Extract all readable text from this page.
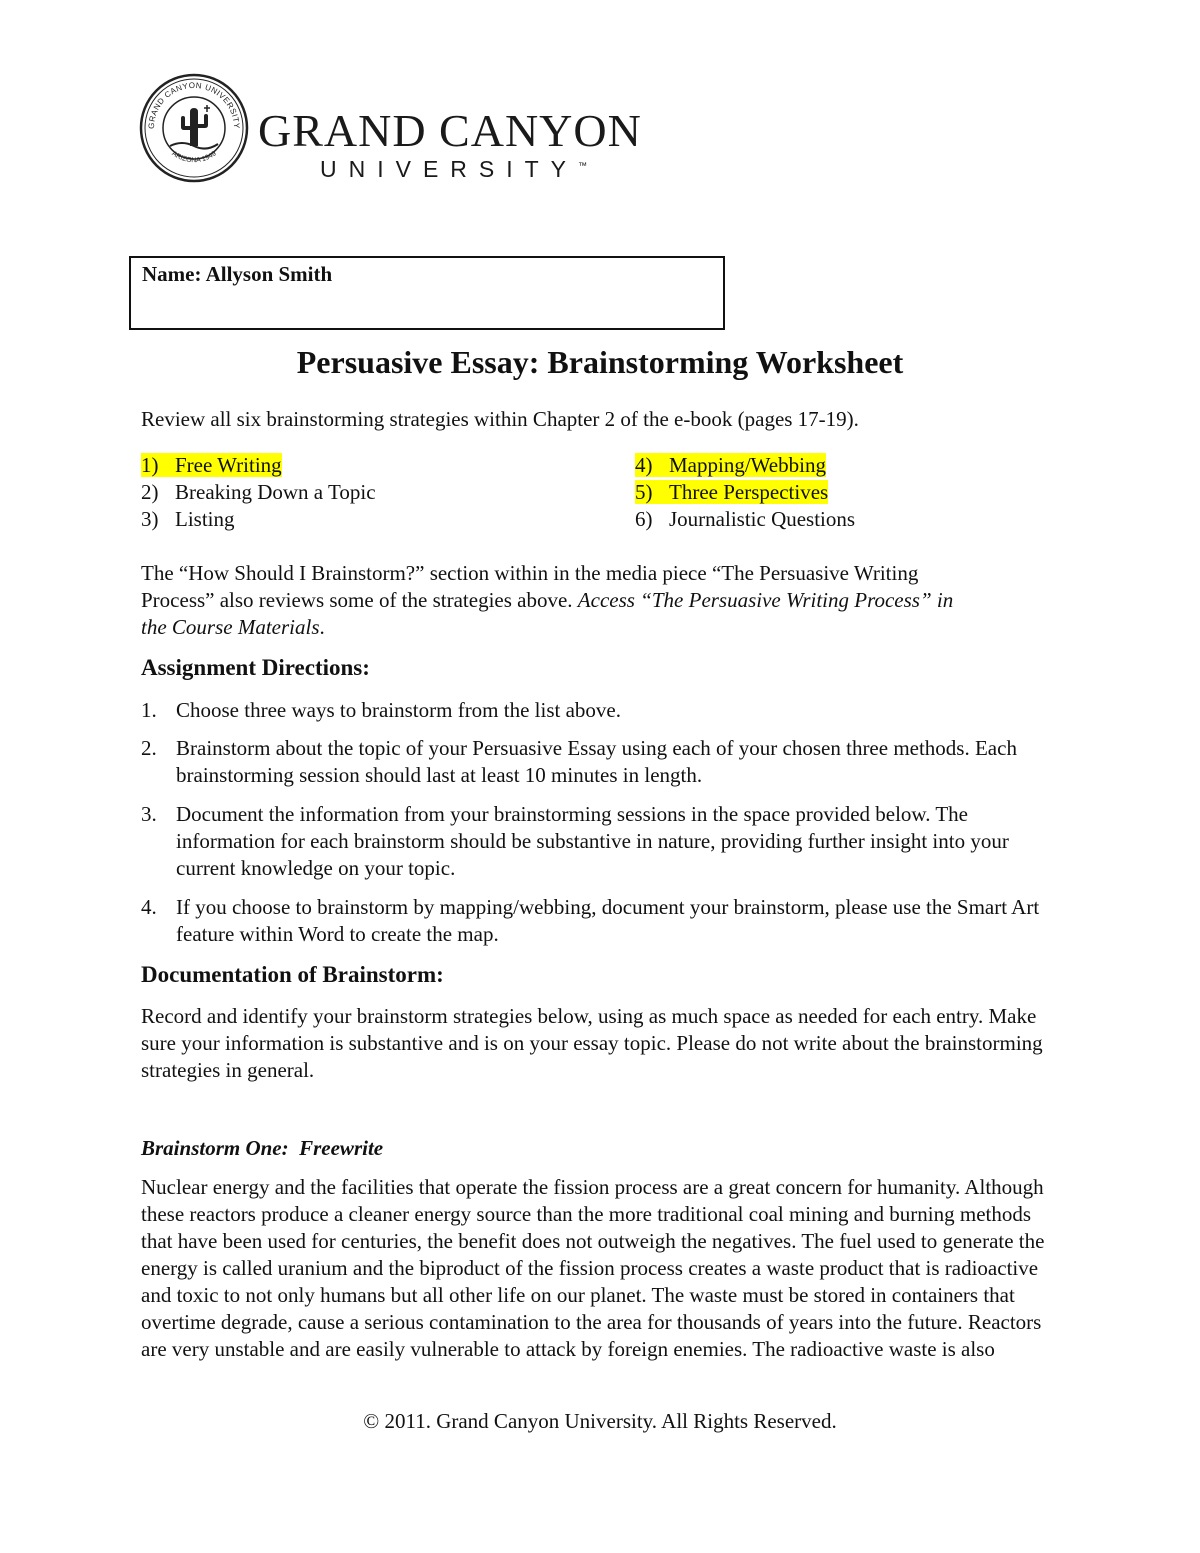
GRAND CANYON UNIVERSITY
ARIZONA 1949 GRAND CANYON
UNIVERSITY™
Name: Allyson Smith
Persuasive Essay: Brainstorming Worksheet
Review all six brainstorming strategies within Chapter 2 of the e-book (pages 17-19).
1) Free Writing
2) Breaking Down a Topic
3) Listing
4) Mapping/Webbing
5) Three Perspectives
6) Journalistic Questions
The “How Should I Brainstorm?” section within in the media piece “The Persuasive Writing
Process” also reviews some of the strategies above. Access “The Persuasive Writing Process” in
the Course Materials.
Assignment Directions:
1. Choose three ways to brainstorm from the list above.
2. Brainstorm about the topic of your Persuasive Essay using each of your chosen three methods. Each brainstorming session should last at least 10 minutes in length.
3. Document the information from your brainstorming sessions in the space provided below. The information for each brainstorm should be substantive in nature, providing further insight into your current knowledge on your topic.
4. If you choose to brainstorm by mapping/webbing, document your brainstorm, please use the Smart Art feature within Word to create the map.
Documentation of Brainstorm:
Record and identify your brainstorm strategies below, using as much space as needed for each entry. Make sure your information is substantive and is on your essay topic. Please do not write about the brainstorming strategies in general.
Brainstorm One:  Freewrite
Nuclear energy and the facilities that operate the fission process are a great concern for humanity. Although these reactors produce a cleaner energy source than the more traditional coal mining and burning methods that have been used for centuries, the benefit does not outweigh the negatives. The fuel used to generate the energy is called uranium and the biproduct of the fission process creates a waste product that is radioactive and toxic to not only humans but all other life on our planet. The waste must be stored in containers that overtime degrade, cause a serious contamination to the area for thousands of years into the future. Reactors are very unstable and are easily vulnerable to attack by foreign enemies. The radioactive waste is also
© 2011. Grand Canyon University. All Rights Reserved.
